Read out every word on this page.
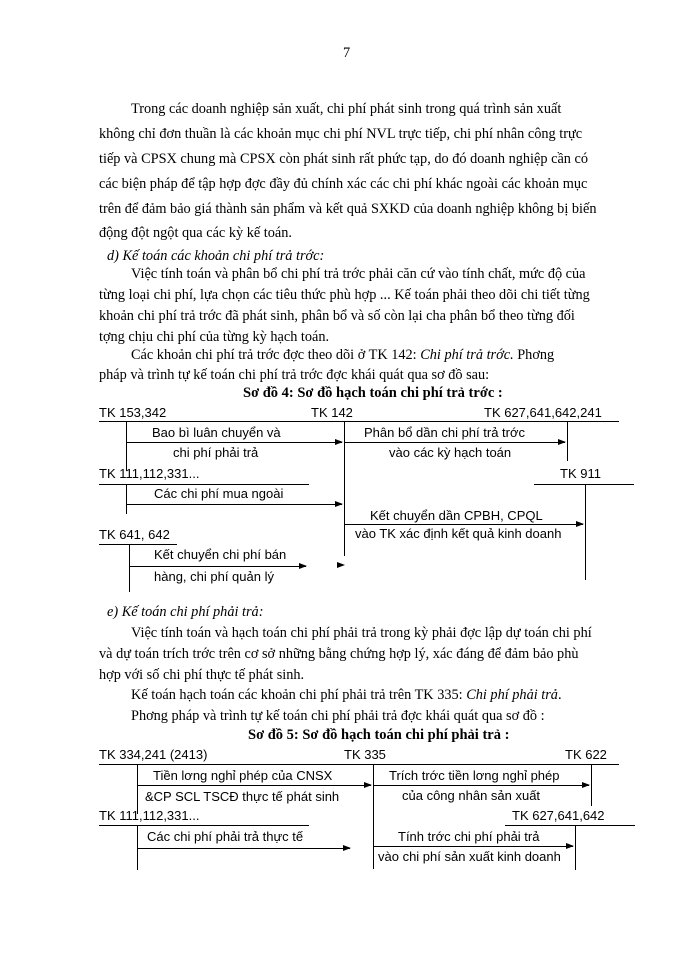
7
Trong các doanh nghiệp sản xuất, chi phí phát sinh trong quá trình sản xuất
không chỉ đơn thuần là các khoản mục chi phí NVL trực tiếp, chi phí nhân công trực
tiếp và CPSX chung mà CPSX còn phát sinh rất phức tạp, do đó doanh nghiệp cần có
các biện pháp để tập hợp đợc đầy đủ chính xác các chi phí khác ngoài các khoản mục
trên để đảm bảo giá thành sản phẩm và kết quả SXKD của doanh nghiệp không bị biến
động đột ngột qua các kỳ kế toán.
d) Kế toán các khoản chi phí trả trớc:
Việc tính toán và phân bổ chi phí trả trớc phải căn cứ vào tính chất, mức độ của
từng loại chi phí, lựa chọn các tiêu thức phù hợp ... Kế toán phải theo dõi chi tiết từng
khoản chi phí trả trớc đã phát sinh, phân bổ và số còn lại cha phân bổ theo từng đối
tợng chịu chi phí của từng kỳ hạch toán.
Các khoản chi phí trả trớc đợc theo dõi ở TK 142: Chi phí trả trớc. Phơng
pháp và trình tự kế toán chi phí trả trớc đợc khái quát qua sơ đồ sau:
Sơ đồ 4: Sơ đồ hạch toán chi phí trả trớc :
TK 153,342	TK 142	TK 627,641,642,241
Bao bì luân chuyển và
chi phí phải trả
Phân bổ dần chi phí trả trớc
vào các kỳ hạch toán
TK 111,112,331...	TK 911
Các chi phí mua ngoài
Kết chuyển dần CPBH, CPQL
vào TK xác định kết quả kinh doanh
TK 641, 642
Kết chuyển chi phí bán
hàng, chi phí quản lý
e) Kế toán chi phí phải trả:
Việc tính toán và hạch toán chi phí phải trả trong kỳ phải đợc lập dự toán chi phí
và dự toán trích trớc trên cơ sở những bằng chứng hợp lý, xác đáng để đảm bảo phù
hợp với số chi phí thực tế phát sinh.
Kế toán hạch toán các khoản chi phí phải trả trên TK 335: Chi phí phải trả.
Phơng pháp và trình tự kế toán chi phí phải trả đợc khái quát qua sơ đồ :
Sơ đồ 5: Sơ đồ hạch toán chi phí phải trả :
TK 334,241 (2413)	TK 335	TK 622
Tiền lơng nghỉ phép của CNSX
&CP SCL TSCĐ thực tế phát sinh
Trích trớc tiền lơng nghỉ phép
của công nhân sản xuất
TK 111,112,331...	TK 627,641,642
Các chi phí phải trả thực tế	Tính trớc chi phí phải trả
vào chi phí sản xuất kinh doanh
